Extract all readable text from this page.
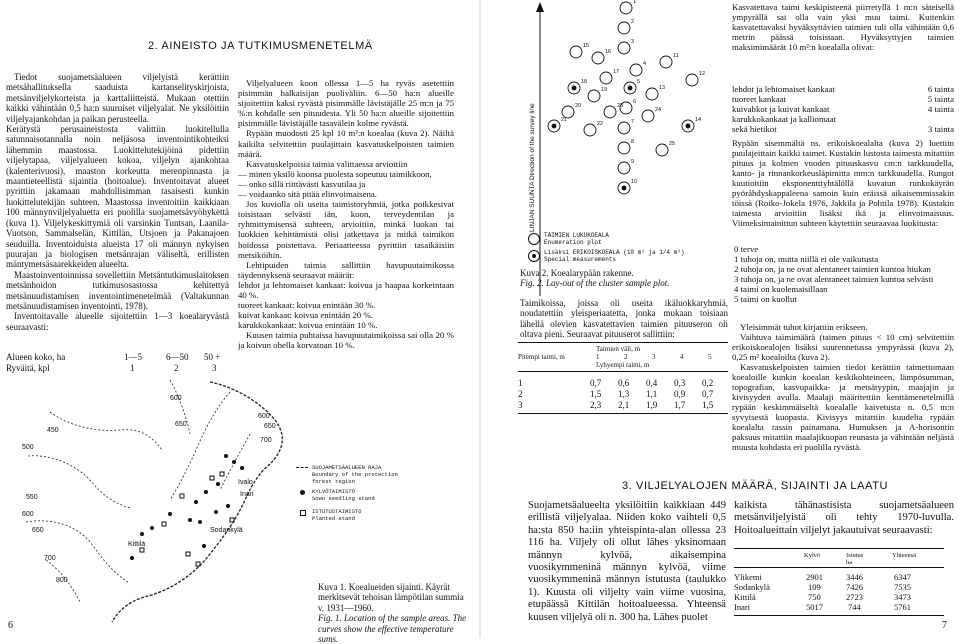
2. AINEISTO JA TUTKIMUSMENETELMÄ

Tiedot suojametsäalueen viljelyistä kerättiin metsähallituksella saaduista kartanselityskirjoista, metsänviljelykorteista ja karttaliitteistä. Mukaan otettiin kaikki vähintään 0,5 ha:n suuruiset viljelyalat. Ne yksilöitiin viljelyajankohdan ja paikan perusteella.

Kerätystä perusaineistosta valittiin luokitellulla satunnaisotannalla noin neljäsosa inventointikohteiksi lähemmin maastossa. Luokittelutekijöinä pidettiin viljelytapaa, viljelyalueen kokoa, viljelyn ajankohtaa (kalenterivuosi), maaston korkeutta merenpinnasta ja maantieteellistä sijaintia (hoitoalue). Inventoitavat alueet pyrittiin jakamaan mahdollisimman tasaisesti kunkin luokittelutekijän suhteen. Maastossa inventoitiin kaikkiaan 100 männynviljelyaluetta eri puolilla suojametsävyöhykettä (kuva 1). Viljelykeskittymiä oli varsinkin Tuntsan, Laanila-Vuotson, Sammalselän, Kittilän, Utsjoen ja Pakanajoen seuduilla. Inventoiduista alueista 17 oli männyn nykyisen puurajan ja biologisen metsänrajan väliseltä, erillisten mäntymetsäsaarekkeiden alueelta.

Maastoinventoinnissa sovellettiin Metsäntutkimuslaitoksen metsänhoidon tutkimusosastossa kehitettyä metsänuudistamisen inventointimenetelmää (Valtakunnan metsänuudistamisen inventointi, 1978).

Inventoitavalle alueelle sijoitettiin 1—3 koealaryvästä seuraavasti:

Alueen koko, ha	1—5	6—50 50 +
Ryväitä, kpl	1	2	3

Viljelyalueen koon ollessa 1—5 ha ryväs asetettiin pisimmän halkaisijan puoliväliin. 6—50 ha:n alueille sijoitettiin kaksi ryvästä pisimmälle lävistäjälle 25 m:n ja 75 %:n kohdalle sen pituudesta. Yli 50 ha:n alueille sijoitettiin pisimmälle lävistäjälle tasavälein kolme ryvästä.

Rypään muodosti 25 kpl 10 m²:n koealaa (kuva 2). Näiltä kaikilta selvitettiin puulajittain kasvatuskelpoisten taimien määrä.

Kasvatuskelpoisia taimia valittaessa arvioitiin

— minen yksilö koonsa puolesta sopeutuu taimikkoon,

— onko sillä riittävästi kasvutilaa ja

— voidaanko sitä pitää elinvoimaisena.

Jos kuviolla oli useita taimistoryhmiä, jotka poikkesivat toisistaan selvästi iän, koon, terveydentilan ja ryhmittymisensä suhteen, arvioitiin, minkä luokan tai luokkien kehittämistä olisi jatkettava ja mitkä taimikon hoidossa poistettava. Periaatteessa pyrittiin tasaikäisiin metsiköihin.

Lehtipuiden taimia sallittiin havupuutaimikossa täydennyksenä seuraavat määrät:

lehdot ja lehtomaiset kankaat: koivua ja haapaa korkeintaan 40 %.

tuoreet kankaat: koivua enintään 30 %.

kuivat kankaat: koivua enintään 20 %.

karukkokankaat: koivua enintään 10 %.

Kuusen taimia puhtaissa havupuutaimikoissa sai olla 20 % ja koivun ohella korvatoan 10 %.

600
650
450
500
550
600
650
700
800
600
650
700
Ivalo
Inari
Sodankylä
Kittilä
SUOJAMETSÄALUEEN RAJA
Boundary of the protection forest region
KYLVÖTAIMISTO
Sown seedling stand
ISTUTUSTAIMISTO
Planted stand
Kuva 1. Koealueiden sijainti. Käyrät merkitsevät tehoisan lämpötilan summia v. 1931—1960.
Fig. 1. Location of the sample areas. The curves show the effective temperature sums.
6
LINJAN SUUNTA
Direction of the survey line
1
2
3
4
5
6
7
8
9
10
11
12
13
14
15
16
17
18
19
20
21
22
23
24
25
TAIMIEN LUKUKOEALA
Enumeration plot
Lisäksi ERIKOISKOEALA (10 m² ja 1/4 m²)
Special measurements
Kuva 2. Koealarypään rakenne.
Fig. 2. Lay-out of the cluster sample plot.
Taimikoissa, joissa oli useita ikäluokkaryhmiä, noudatettiin yleisperiaatetta, jonka mukaan toisiaan lähellä olevien kasvatettavien taimien pituuseron oli oltava pieni. Seuraavat pituuserot sallittiin:
Taimien väli, m
Pitempi taimi, m	1	2	3	4	5
Lyhyempi taimi, m
1	0,7 0,6 0,4 0,3 0,2
2	1,5 1,3 1,1 0,9 0,7
3	2,3 2,1 1,9 1,7 1,5
Kasvatettava taimi keskipisteenä piirretyllä 1 m:n säteisellä ympyrällä sai olla vain yksi muu taimi. Kuitenkin kasvatettavaksi hyväksyttävien taimien tuli olla vähintään 0,6 metrin päässä toisistaan. Hyväksyttyjen taimien maksimimäärät 10 m²:n koealalla olivat:
lehdot ja lehtomaiset kankaat	6 tainta
tuoreet kankaat	5 tainta
kuivahkot ja kuivat kankaat	4 tainta
karukkokankaat ja kalliomaat
sekä hietikot	3 tainta
Rypään sisemmältä ns. erikoiskoealalta (kuva 2) luettiin puulajeittain kaikki taimet. Kustakin lustosta taimesta mitattiin pituus ja kolmen vuoden pituuskasvu cm:n tarkkuudella, kanto- ja rinnankorkeusläpimitta mm:n tarkkuudella. Rungot kuutioitiin eksponenttiyhtälöllä kuvatun runkokäyrän pyöråhdyskappaleena samoin kuin eräissä aikaisemmissakin töissä (Roiko-Jokela 1976, Jakkila ja Pohtila 1978). Kustakin taimesta arvioitiin lisäksi ikä ja elinvoimaisuus. Viimeksimainittun suhteen käytettiin seuraavaa luokitusta:
0 terve
1 tuhoja on, mutta niillä ei ole vaikutusta
2 tuhoja on, ja ne ovat alentaneet taimien kuntoa hiukan
3 tuhoja on, ja ne ovat alentaneet taimien kuntoa selvästi
4 taimi on kuolemaisillaan
5 taimi on kuollut

Yleisimmät tuhot kirjattiin erikseen.

Vaihtuva taimimäärä (taimen pituus < 10 cm) selvitettiin erikoiskoealojen lisäksi suurennetussa ympyrässä (kuva 2), 0,25 m² koealoilta (kuva 2).

Kasvatuskelpoisten taimien tiedot kerättiin taimettomaan koealoille kunkin koealan keskikohteineen, lämpösumman, topografian, kasvupaikka- ja metsätyypin, maajajin ja kivisyyden avulla. Maalaji määritettiin kenttämenetelmillä rypään keskimmäiseltä koealalle kaivetusta n. 0,5 m:n syvyisestä kuopasta. Kivisyys mitattiin kuudelta rypään koealalta rassin painamana. Humuksen ja A-horisontin paksuus mitattiin maalajikuopan reunasta ja vähintään neljästä muusta kohdasta eri puolilla ryvästä.

3. VILJELYALOJEN MÄÄRÄ, SIJAINTI JA LAATU
Suojametsäalueelta yksilöitiin kaikkiaan 449 erillistä viljelyalaa. Niiden koko vaihteli 0,5 ha:sta 850 ha:iin yhteispinta-alan ollessa 23 116 ha. Viljely oli ollut lähes yksinomaan männyn kylvöä, aikaisempina vuosikymmeninä männyn kylvöä, viime vuosikymmeninä männyn istutusta (taulukko 1). Kuusta oli viljelty vain viime vuosina, etupäässä Kittilän hoitoalueessa. Yhteensä kuusen viljelyä oli n. 300 ha. Lähes puolet
kaikista tähänastisista suojametsäalueen metsänviljelyistä oli tehty 1970-luvulla. Hoitoalueittain viljelyt jakautuivat seuraavasti:
Kylvö	Istutus ha
Yhteensä
Ylikemi	2901	3446	6347
Sodankylä	109	7426	7535
Kittilä	750	2723	3473
Inari	5017	744	5761
7
